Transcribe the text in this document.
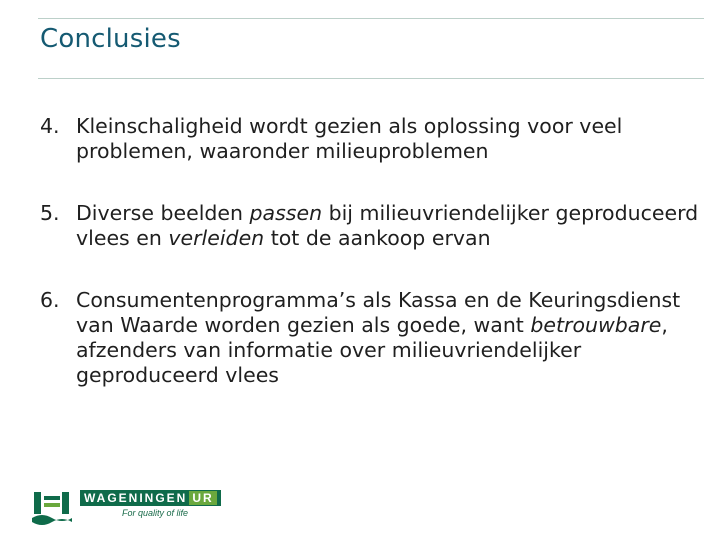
Conclusies
4. Kleinschaligheid wordt gezien als oplossing voor veel problemen, waaronder milieuproblemen
5. Diverse beelden passen bij milieuvriendelijker geproduceerd vlees en verleiden tot de aankoop ervan
6. Consumentenprogramma’s als Kassa en de Keuringsdienst van Waarde worden gezien als goede, want betrouwbare, afzenders van informatie over milieuvriendelijker geproduceerd vlees
WAGENINGEN UR
For quality of life
